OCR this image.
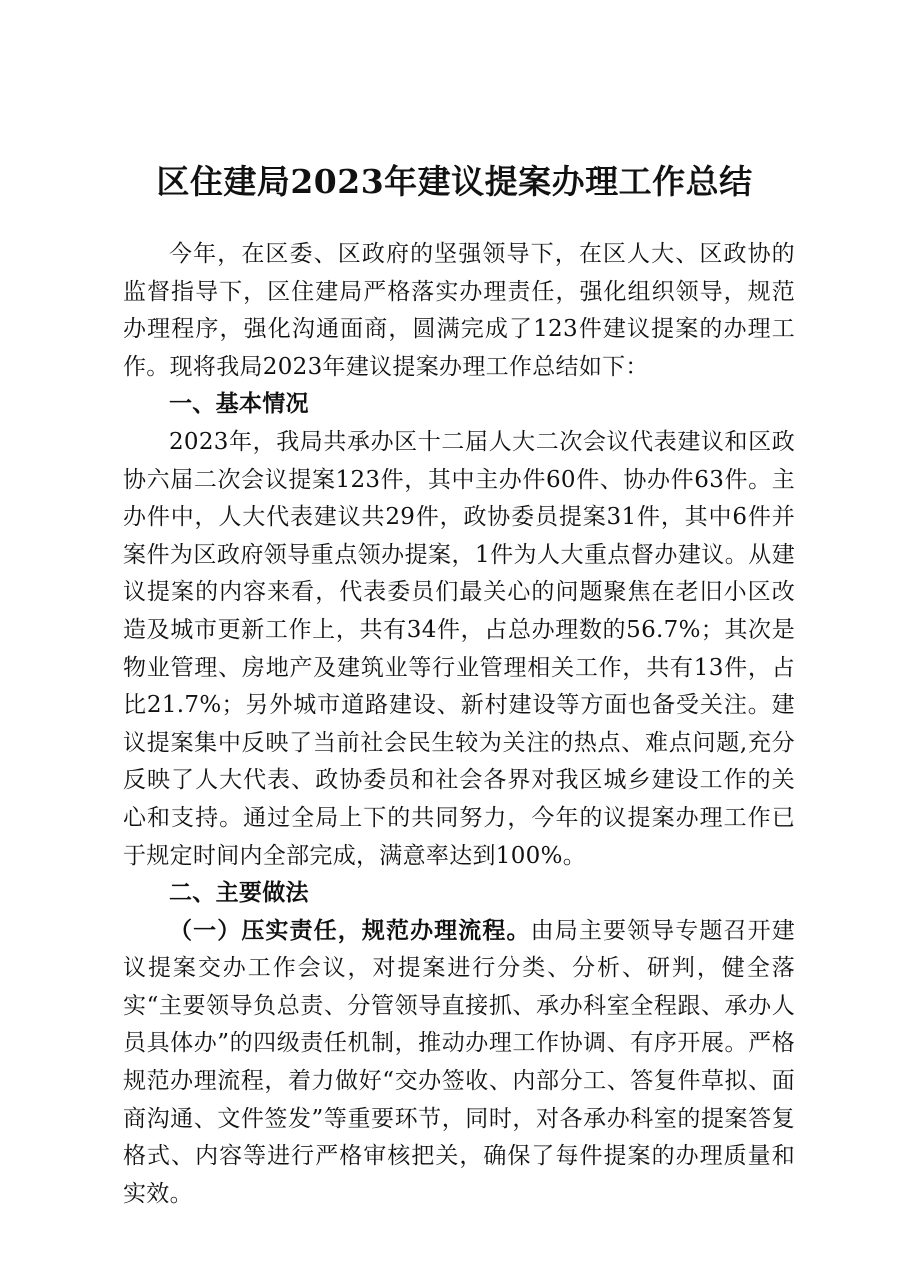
区住建局2023年建议提案办理工作总结

今年，在区委、区政府的坚强领导下，在区人大、区政协的监督指导下，区住建局严格落实办理责任，强化组织领导，规范办理程序，强化沟通面商，圆满完成了123件建议提案的办理工作。现将我局2023年建议提案办理工作总结如下：

一、基本情况

2023年，我局共承办区十二届人大二次会议代表建议和区政协六届二次会议提案123件，其中主办件60件、协办件63件。主办件中，人大代表建议共29件，政协委员提案31件，其中6件并案件为区政府领导重点领办提案，1件为人大重点督办建议。从建议提案的内容来看，代表委员们最关心的问题聚焦在老旧小区改造及城市更新工作上，共有34件，占总办理数的56.7%；其次是物业管理、房地产及建筑业等行业管理相关工作，共有13件，占比21.7%；另外城市道路建设、新村建设等方面也备受关注。建议提案集中反映了当前社会民生较为关注的热点、难点问题,充分反映了人大代表、政协委员和社会各界对我区城乡建设工作的关心和支持。通过全局上下的共同努力，今年的议提案办理工作已于规定时间内全部完成，满意率达到100%。

二、主要做法

（一）压实责任，规范办理流程。由局主要领导专题召开建议提案交办工作会议，对提案进行分类、分析、研判，健全落实“主要领导负总责、分管领导直接抓、承办科室全程跟、承办人员具体办”的四级责任机制，推动办理工作协调、有序开展。严格规范办理流程，着力做好“交办签收、内部分工、答复件草拟、面商沟通、文件签发”等重要环节，同时，对各承办科室的提案答复格式、内容等进行严格审核把关，确保了每件提案的办理质量和实效。
